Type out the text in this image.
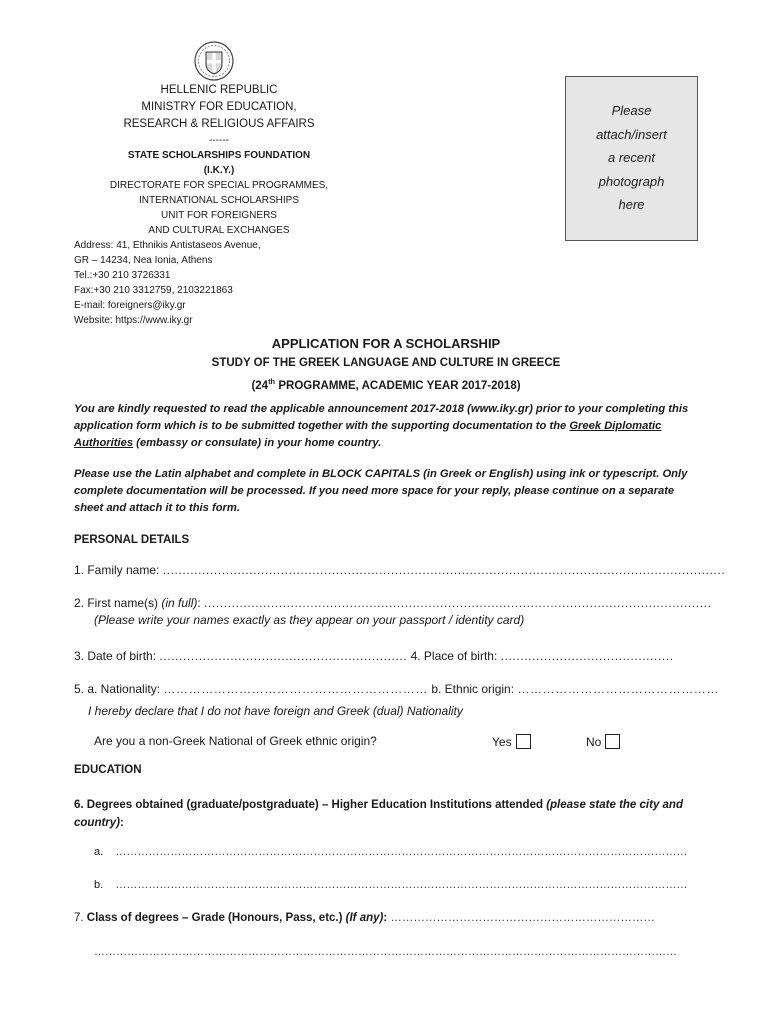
HELLENIC REPUBLIC
MINISTRY FOR EDUCATION,
RESEARCH & RELIGIOUS AFFAIRS
------
STATE SCHOLARSHIPS FOUNDATION
(I.K.Y.)
DIRECTORATE FOR SPECIAL PROGRAMMES,
INTERNATIONAL SCHOLARSHIPS
UNIT FOR FOREIGNERS
AND CULTURAL EXCHANGES
Address: 41, Ethnikis Antistaseos Avenue,
GR – 14234, Nea Ionia, Athens
Tel.:+30 210 3726331
Fax:+30 210 3312759, 2103221863
E-mail: foreigners@iky.gr
Website: https://www.iky.gr
Please
attach/insert
a recent
photograph
here
APPLICATION FOR A SCHOLARSHIP
STUDY OF THE GREEK LANGUAGE AND CULTURE IN GREECE
(24th PROGRAMME, ACADEMIC YEAR 2017-2018)
You are kindly requested to read the applicable announcement 2017-2018 (www.iky.gr) prior to your completing this application form which is to be submitted together with the supporting documentation to the Greek Diplomatic Authorities (embassy or consulate) in your home country.
Please use the Latin alphabet and complete in BLOCK CAPITALS (in Greek or English) using ink or typescript. Only complete documentation will be processed. If you need more space for your reply, please continue on a separate sheet and attach it to this form.
PERSONAL DETAILS
1. Family name: ...............................................................................................................................................
2. First name(s) (in full): .................................................................................................................................
(Please write your names exactly as they appear on your passport / identity card)
3. Date of birth: ............................................................... 4. Place of birth: ............................................
5. a. Nationality: ……………………………………………………… b. Ethnic origin: …………………………………………
I hereby declare that I do not have foreign and Greek (dual) Nationality
Are you a non-Greek National of Greek ethnic origin?	Yes	No
EDUCATION
6. Degrees obtained (graduate/postgraduate) – Higher Education Institutions attended (please state the city and country):
a. …………………………………………………………………………………………………………………………………………
b. …………………………………………………………………………………………………………………………………………
7. Class of degrees – Grade (Honours, Pass, etc.) (If any): ……………………………………………………………
……………………………………………………………………………………………………………………………………………
